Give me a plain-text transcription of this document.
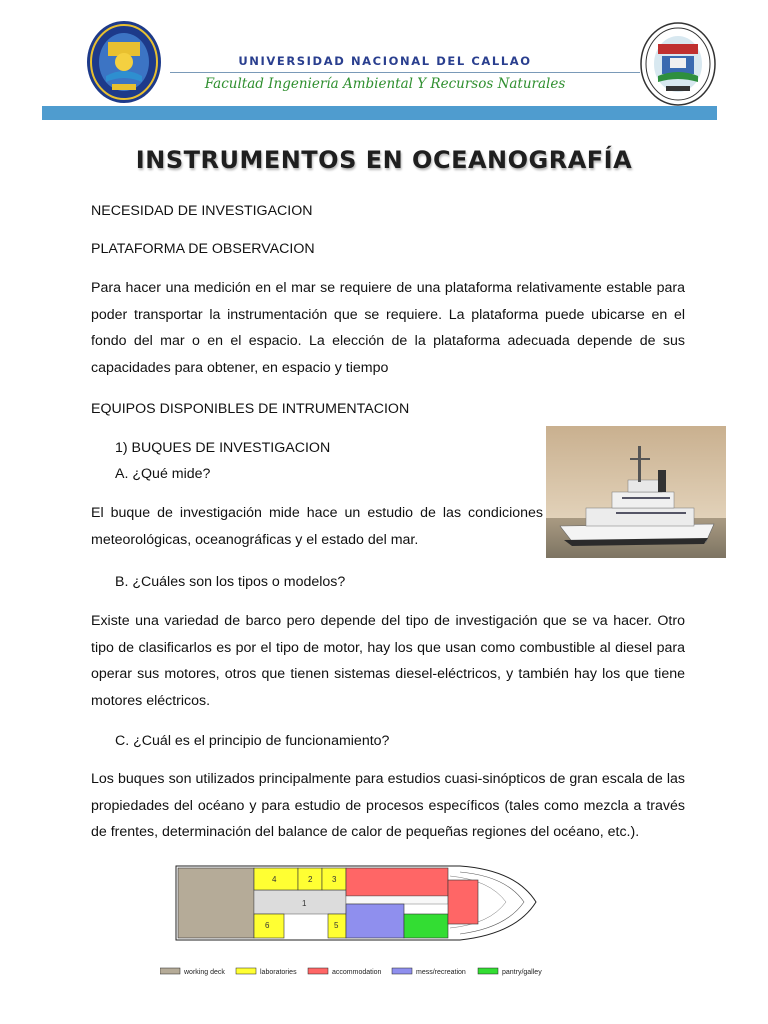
UNIVERSIDAD NACIONAL DEL CALLAO
Facultad Ingeniería Ambiental Y Recursos Naturales
INSTRUMENTOS EN OCEANOGRAFÍA
NECESIDAD DE INVESTIGACION
PLATAFORMA DE OBSERVACION
Para hacer una medición en el mar se requiere de una plataforma relativamente estable para poder transportar la instrumentación que se requiere. La plataforma puede ubicarse en el fondo del mar o en el espacio. La elección de la plataforma adecuada depende de sus capacidades para obtener, en espacio y tiempo
EQUIPOS DISPONIBLES DE INTRUMENTACION
1) BUQUES DE INVESTIGACION
A. ¿Qué mide?
El buque de investigación mide hace un estudio de las condiciones meteorológicas, oceanográficas y el estado del mar.
B. ¿Cuáles son los tipos o modelos?
Existe una variedad de barco pero depende del tipo de investigación que se va hacer. Otro tipo de clasificarlos es por el tipo de motor, hay los que usan como combustible al diesel para operar sus motores, otros que tienen sistemas diesel-eléctricos, y también hay los que tiene motores eléctricos.
C. ¿Cuál es el principio de funcionamiento?
Los buques son utilizados principalmente para estudios cuasi-sinópticos de gran escala de las propiedades del océano y para estudio de procesos específicos (tales como mezcla a través de frentes, determinación del balance de calor de pequeñas regiones del océano, etc.).
4	2 3
6	5
1
working deck	laboratories	accommodation	mess/recreation	pantry/galley
